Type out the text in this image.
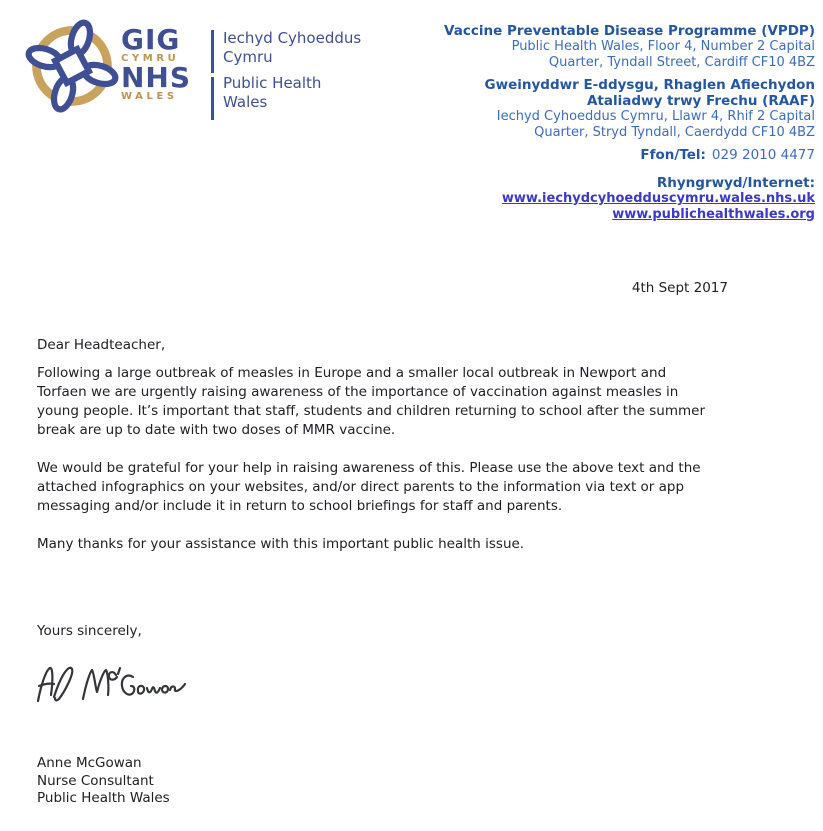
GIG
CYMRU
NHS
WALES
Iechyd Cyhoeddus
Cymru
Public Health
Wales
Vaccine Preventable Disease Programme (VPDP)
Public Health Wales, Floor 4, Number 2 Capital
Quarter, Tyndall Street, Cardiff CF10 4BZ
Gweinyddwr E-ddysgu, Rhaglen Afiechydon
Ataliadwy trwy Frechu (RAAF)
Iechyd Cyhoeddus Cymru, Llawr 4, Rhif 2 Capital
Quarter, Stryd Tyndall, Caerdydd CF10 4BZ
Ffon/Tel: 029 2010 4477
Rhyngrwyd/Internet:
www.iechydcyhoedduscymru.wales.nhs.uk
www.publichealthwales.org
4th Sept 2017
Dear Headteacher,

Following a large outbreak of measles in Europe and a smaller local outbreak in Newport and Torfaen we are urgently raising awareness of the importance of vaccination against measles in young people. It’s important that staff, students and children returning to school after the summer break are up to date with two doses of MMR vaccine.

We would be grateful for your help in raising awareness of this. Please use the above text and the attached infographics on your websites, and/or direct parents to the information via text or app messaging and/or include it in return to school briefings for staff and parents.

Many thanks for your assistance with this important public health issue.

Yours sincerely,
Anne McGowan
Nurse Consultant
Public Health Wales
